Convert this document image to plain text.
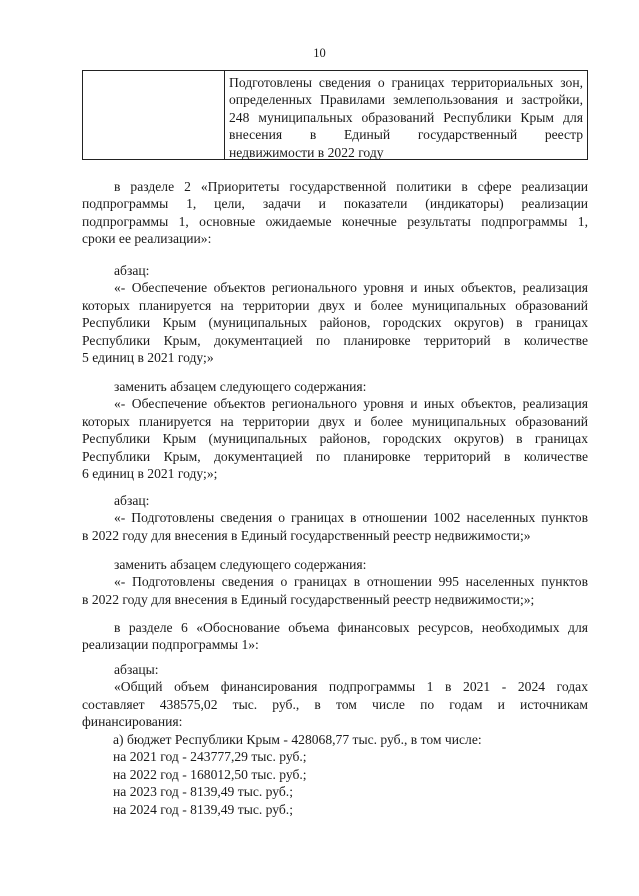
10
Подготовлены сведения о границах территориальных зон,
определенных Правилами землепользования и застройки,
248 муниципальных образований Республики Крым для
внесения в Единый государственный реестр
недвижимости в 2022 году
в разделе 2 «Приоритеты государственной политики в сфере реализации
подпрограммы 1, цели, задачи и показатели (индикаторы) реализации
подпрограммы 1, основные ожидаемые конечные результаты подпрограммы 1,
сроки ее реализации»:
абзац:
«- Обеспечение объектов регионального уровня и иных объектов, реализация
которых планируется на территории двух и более муниципальных образований
Республики Крым (муниципальных районов, городских округов) в границах
Республики Крым, документацией по планировке территорий в количестве
5 единиц в 2021 году;»
заменить абзацем следующего содержания:
«- Обеспечение объектов регионального уровня и иных объектов, реализация
которых планируется на территории двух и более муниципальных образований
Республики Крым (муниципальных районов, городских округов) в границах
Республики Крым, документацией по планировке территорий в количестве
6 единиц в 2021 году;»;
абзац:
«- Подготовлены сведения о границах в отношении 1002 населенных пунктов
в 2022 году для внесения в Единый государственный реестр недвижимости;»
заменить абзацем следующего содержания:
«- Подготовлены сведения о границах в отношении 995 населенных пунктов
в 2022 году для внесения в Единый государственный реестр недвижимости;»;
в разделе 6 «Обоснование объема финансовых ресурсов, необходимых для
реализации подпрограммы 1»:
абзацы:
«Общий объем финансирования подпрограммы 1 в 2021 - 2024 годах
составляет 438575,02 тыс. руб., в том числе по годам и источникам
финансирования:
а) бюджет Республики Крым - 428068,77 тыс. руб., в том числе:
на 2021 год - 243777,29 тыс. руб.;
на 2022 год - 168012,50 тыс. руб.;
на 2023 год - 8139,49 тыс. руб.;
на 2024 год - 8139,49 тыс. руб.;
